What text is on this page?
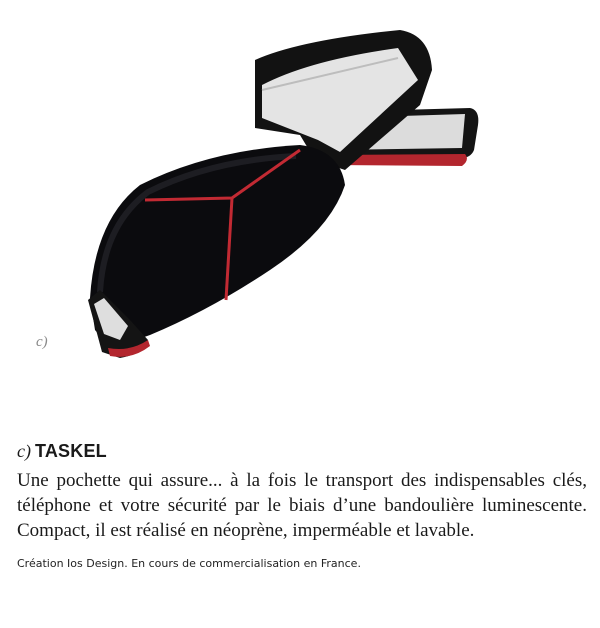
c)
c) TASKEL

Une pochette qui assure... à la fois le transport des indispensables clés, téléphone et votre sécurité par le biais d’une bandoulière luminescente. Compact, il est réalisé en néoprène, imperméable et lavable.

Création Ios Design. En cours de commercialisation en France.
